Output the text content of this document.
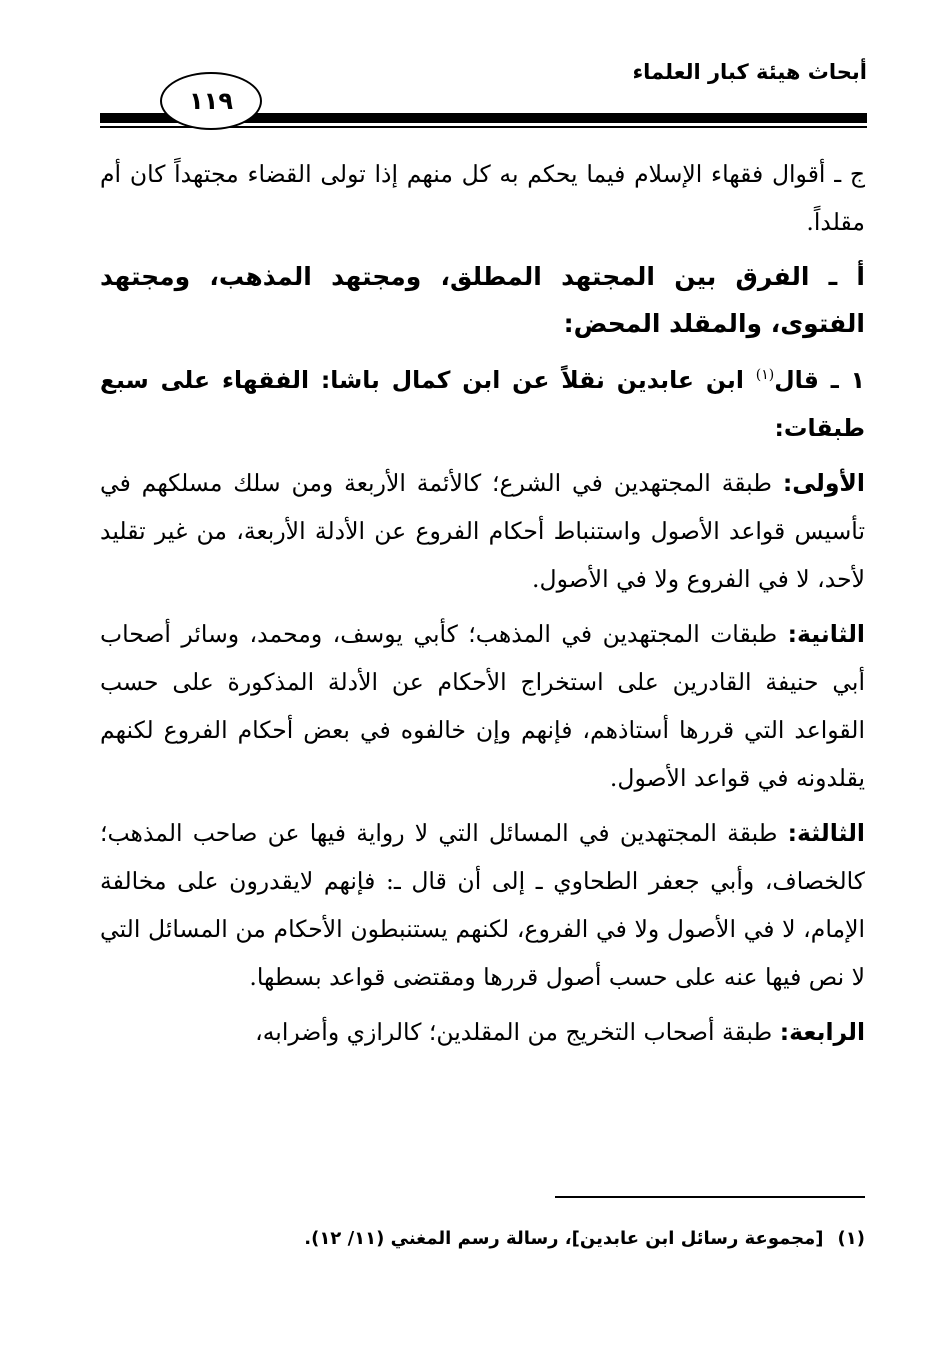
أبحاث هيئة كبار العلماء
١١٩

ج ـ أقوال فقهاء الإسلام فيما يحكم به كل منهم إذا تولى القضاء مجتهداً كان أم مقلداً.

أ ـ الفرق بين المجتهد المطلق، ومجتهد المذهب، ومجتهد الفتوى، والمقلد المحض:

١ ـ قال$^{(١)}$ ابن عابدين نقلاً عن ابن كمال باشا: الفقهاء على سبع طبقات:

الأولى: طبقة المجتهدين في الشرع؛ كالأئمة الأربعة ومن سلك مسلكهم في تأسيس قواعد الأصول واستنباط أحكام الفروع عن الأدلة الأربعة، من غير تقليد لأحد، لا في الفروع ولا في الأصول.

الثانية: طبقات المجتهدين في المذهب؛ كأبي يوسف، ومحمد، وسائر أصحاب أبي حنيفة القادرين على استخراج الأحكام عن الأدلة المذكورة على حسب القواعد التي قررها أستاذهم، فإنهم وإن خالفوه في بعض أحكام الفروع لكنهم يقلدونه في قواعد الأصول.

الثالثة: طبقة المجتهدين في المسائل التي لا رواية فيها عن صاحب المذهب؛ كالخصاف، وأبي جعفر الطحاوي ـ إلى أن قال ـ: فإنهم لايقدرون على مخالفة الإمام، لا في الأصول ولا في الفروع، لكنهم يستنبطون الأحكام من المسائل التي لا نص فيها عنه على حسب أصول قررها ومقتضى قواعد بسطها.

الرابعة: طبقة أصحاب التخريج من المقلدين؛ كالرازي وأضرابه،

(١)[مجموعة رسائل ابن عابدين]، رسالة رسم المغني (١١/ ١٢).
